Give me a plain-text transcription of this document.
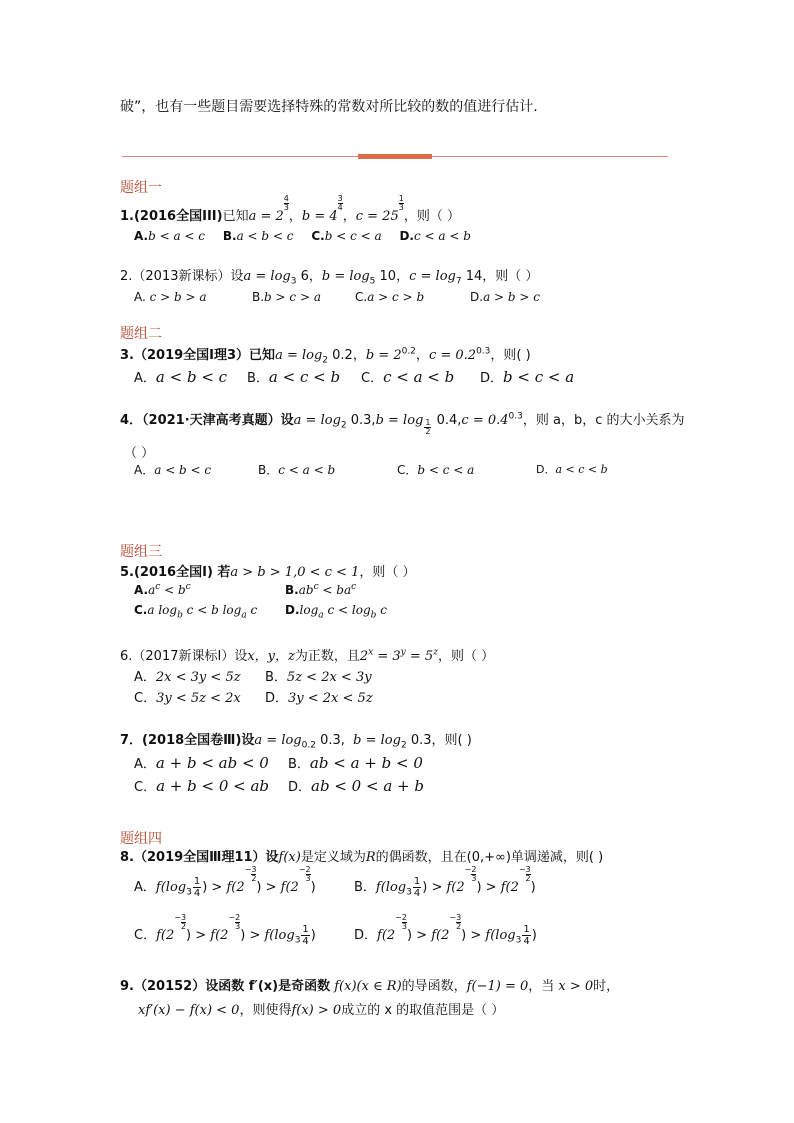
破”，也有一些题目需要选择特殊的常数对所比较的数的值进行估计.
题组一
1.(2016全国III)已知a = 2
$\frac{4}{3}$
，b = 4
$\frac{3}{4}$
，c = 25
$\frac{1}{3}$
，则（ ）
A.b < a < c B.a < b < c C.b < c < a D.c < a < b
2.（2013新课标）设$a = \log_3 6$，$b = \log_5 10$，$c = \log_7 14$，则（ ）
A. c > b > a	B.b > c > a	C.a > c > b	D.a > b > c
题组二
3.（2019全国Ⅰ理3）已知$a = \log_2 0.2$，$b = 2^{0.2}$，$c = 0.2^{0.3}$，则( )
A．a < b < c B．a < c < b C．c < a < b D．b < c < a
4．（2021·天津高考真题）设$a = \log_2 0.3,b = \log \frac{1}{2} 0.4,c = 0.4^{0.3}$，则 a，b，c 的大小关系为
（ ）
A．a < b < c	B．c < a < b	C．b < c < a	D．a < c < b
题组三
5.(2016全国I) 若a > b > 1,0 < c < 1，则（ ）
$A.a^c < b^c$	$B.ab^c < ba^c$
C.a $\log_b c < b$ $\log_a c$ $D.\log_a$ $c < \log_b c$
6.（2017新课标Ⅰ）设x，y，z为正数，且$2^x = 3^y = 5^z$，则（ ）
A．2x < 3y < 5z B．5z < 2x < 3y
C．3y < 5z < 2x D．3y < 2x < 5z
7．(2018全国卷Ⅲ)设$a = \log_{0.2} 0.3$, $b = \log_2 0.3$，则( )
A．a + b < ab < 0 B．ab < a + b < 0
C．a + b < 0 < ab D．ab < 0 < a + b
题组四
8.（2019全国Ⅲ理11）设f(x)是定义域为R的偶函数，且在(0,+∞)单调递减，则( )
A．$f(\log_3 \frac{1}{4}$ ) > $f(2- \frac{3}{2}$
) > $f(2- \frac{2}{3}$
)	B．$f(\log_3 \frac{1}{4}$ ) > $f(2- \frac{2}{3}$
) > $f(2- \frac{3}{2}$
)
C．$f(2- \frac{3}{2}$
) > $f(2- \frac{2}{3}$
) > $f(\log_3 \frac{1}{4}$ )	D．$f(2- \frac{2}{3}$
) > $f(2- \frac{3}{2}$
) > $f(\log_3 \frac{1}{4}$ )
9.（20152）设函数 f′(x)是奇函数 f(x)(x ∈ R)的导函数，f(−1) = 0，当 x > 0时，
xf′(x) − f(x) < 0，则使得f(x) > 0成立的 x 的取值范围是（ ）
